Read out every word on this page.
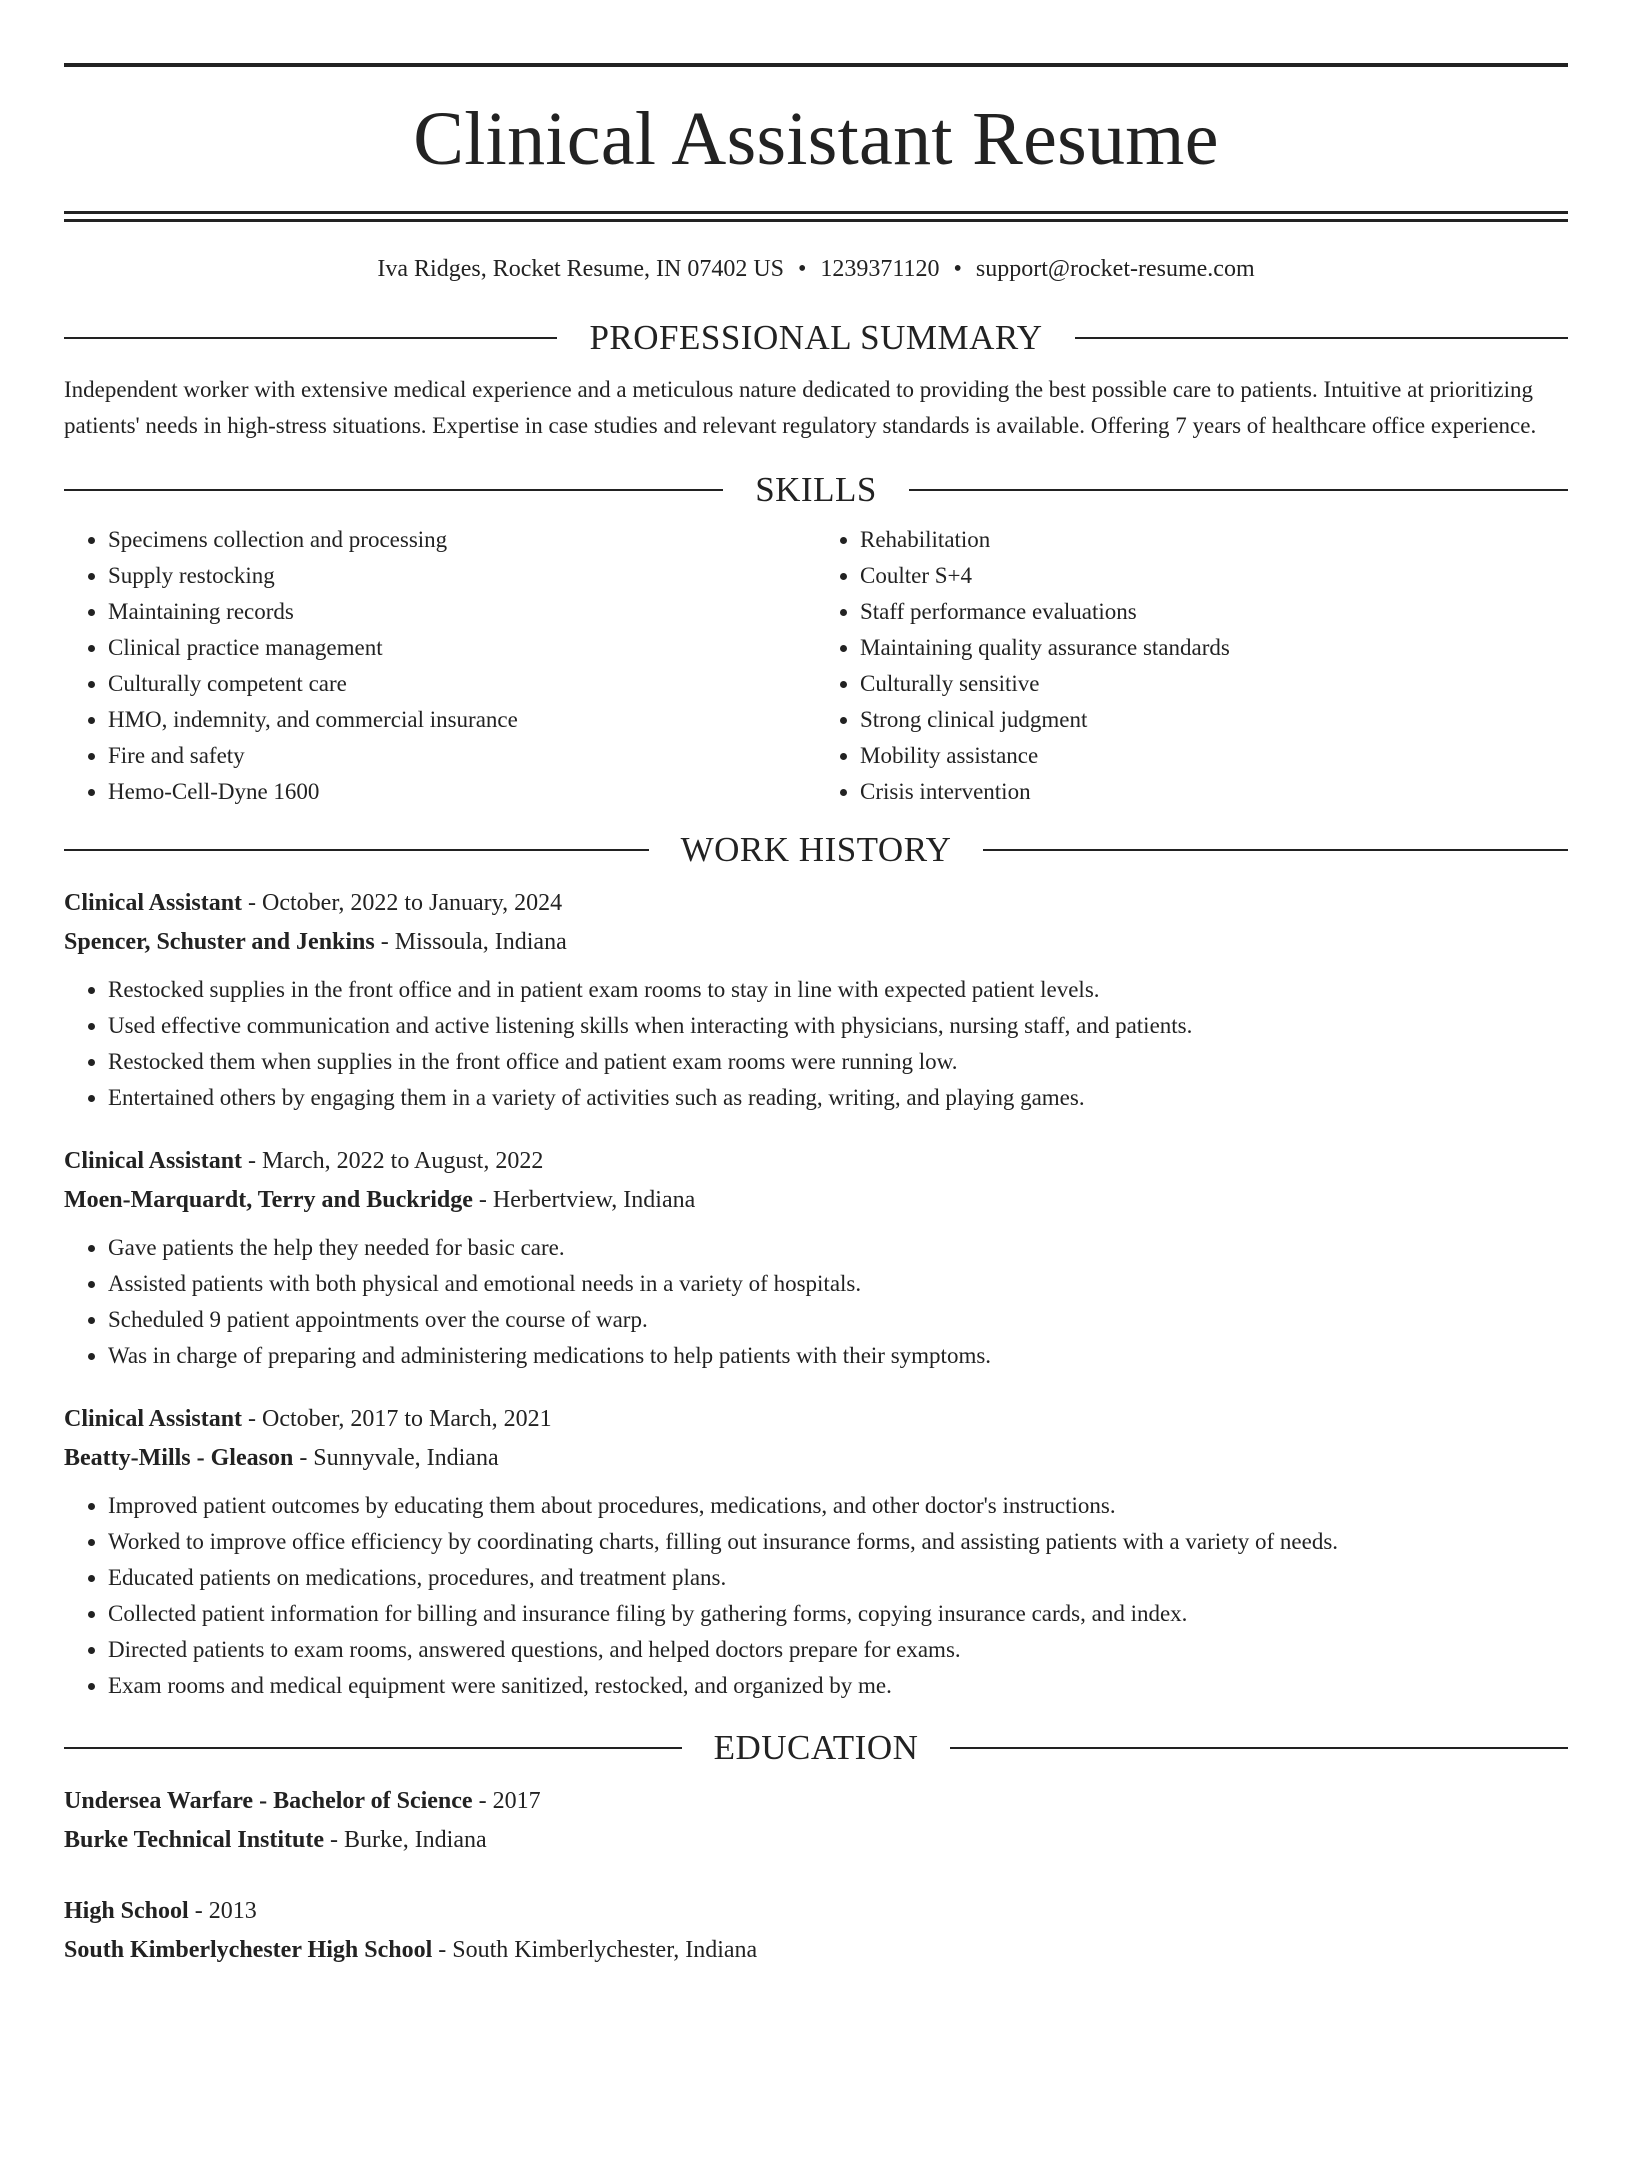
Clinical Assistant Resume
Iva Ridges, Rocket Resume, IN 07402 US • 1239371120 • support@rocket-resume.com
PROFESSIONAL SUMMARY

Independent worker with extensive medical experience and a meticulous nature dedicated to providing the best possible care to patients. Intuitive at prioritizing patients' needs in high-stress situations. Expertise in case studies and relevant regulatory standards is available. Offering 7 years of healthcare office experience.

SKILLS
• Specimens collection and processing
• Supply restocking
• Maintaining records
• Clinical practice management
• Culturally competent care
• HMO, indemnity, and commercial insurance
• Fire and safety
• Hemo-Cell-Dyne 1600
• Rehabilitation
• Coulter S+4
• Staff performance evaluations
• Maintaining quality assurance standards
• Culturally sensitive
• Strong clinical judgment
• Mobility assistance
• Crisis intervention
WORK HISTORY
Clinical Assistant - October, 2022 to January, 2024
Spencer, Schuster and Jenkins - Missoula, Indiana
• Restocked supplies in the front office and in patient exam rooms to stay in line with expected patient levels.
• Used effective communication and active listening skills when interacting with physicians, nursing staff, and patients.
• Restocked them when supplies in the front office and patient exam rooms were running low.
• Entertained others by engaging them in a variety of activities such as reading, writing, and playing games.
Clinical Assistant - March, 2022 to August, 2022
Moen-Marquardt, Terry and Buckridge - Herbertview, Indiana
• Gave patients the help they needed for basic care.
• Assisted patients with both physical and emotional needs in a variety of hospitals.
• Scheduled 9 patient appointments over the course of warp.
• Was in charge of preparing and administering medications to help patients with their symptoms.
Clinical Assistant - October, 2017 to March, 2021
Beatty-Mills - Gleason - Sunnyvale, Indiana
• Improved patient outcomes by educating them about procedures, medications, and other doctor's instructions.
• Worked to improve office efficiency by coordinating charts, filling out insurance forms, and assisting patients with a variety of needs.
• Educated patients on medications, procedures, and treatment plans.
• Collected patient information for billing and insurance filing by gathering forms, copying insurance cards, and index.
• Directed patients to exam rooms, answered questions, and helped doctors prepare for exams.
• Exam rooms and medical equipment were sanitized, restocked, and organized by me.
EDUCATION
Undersea Warfare - Bachelor of Science - 2017
Burke Technical Institute - Burke, Indiana
High School - 2013
South Kimberlychester High School - South Kimberlychester, Indiana
